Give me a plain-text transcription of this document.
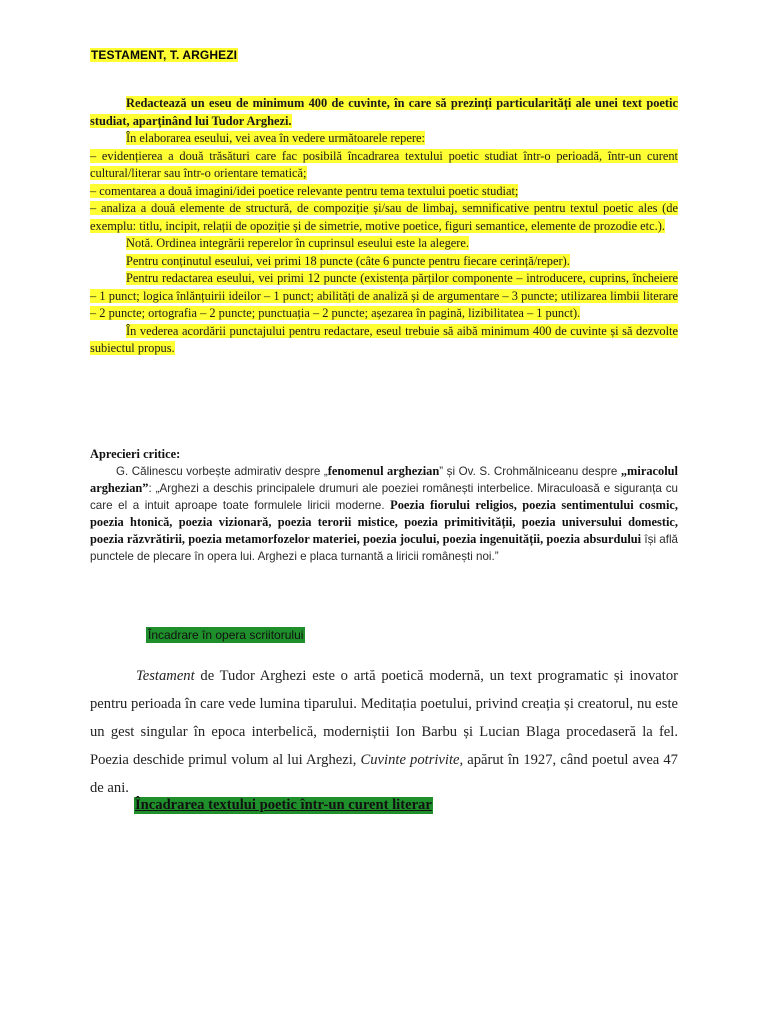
TESTAMENT, T. ARGHEZI

Redactează un eseu de minimum 400 de cuvinte, în care să prezinți particularități ale unei text poetic studiat, aparținând lui Tudor Arghezi.

În elaborarea eseului, vei avea în vedere următoarele repere:

– evidențierea a două trăsături care fac posibilă încadrarea textului poetic studiat într-o perioadă, într-un curent cultural/literar sau într-o orientare tematică;

– comentarea a două imagini/idei poetice relevante pentru tema textului poetic studiat;

– analiza a două elemente de structură, de compoziție și/sau de limbaj, semnificative pentru textul poetic ales (de exemplu: titlu, incipit, relații de opoziție și de simetrie, motive poetice, figuri semantice, elemente de prozodie etc.).

Notă. Ordinea integrării reperelor în cuprinsul eseului este la alegere.

Pentru conținutul eseului, vei primi 18 puncte (câte 6 puncte pentru fiecare cerință/reper).

Pentru redactarea eseului, vei primi 12 puncte (existența părților componente – introducere, cuprins, încheiere – 1 punct; logica înlănțuirii ideilor – 1 punct; abilități de analiză și de argumentare – 3 puncte; utilizarea limbii literare – 2 puncte; ortografia – 2 puncte; punctuația – 2 puncte; așezarea în pagină, lizibilitatea – 1 punct).

În vederea acordării punctajului pentru redactare, eseul trebuie să aibă minimum 400 de cuvinte și să dezvolte subiectul propus.

Aprecieri critice:

G. Călinescu vorbește admirativ despre „fenomenul arghezian” și Ov. S. Crohmălniceanu despre „miracolul arghezian”: „Arghezi a deschis principalele drumuri ale poeziei românești interbelice. Miraculoasă e siguranța cu care el a intuit aproape toate formulele liricii moderne. Poezia fiorului religios, poezia sentimentului cosmic, poezia htonică, poezia vizionară, poezia terorii mistice, poezia primitivității, poezia universului domestic, poezia răzvrătirii, poezia metamorfozelor materiei, poezia jocului, poezia ingenuității, poezia absurdului își află punctele de plecare în opera lui. Arghezi e placa turnantă a liricii românești noi.”

Încadrare în opera scriitorului

Testament de Tudor Arghezi este o artă poetică modernă, un text programatic și inovator pentru perioada în care vede lumina tiparului. Meditația poetului, privind creația și creatorul, nu este un gest singular în epoca interbelică, moderniștii Ion Barbu și Lucian Blaga procedaseră la fel. Poezia deschide primul volum al lui Arghezi, Cuvinte potrivite, apărut în 1927, când poetul avea 47 de ani.

Încadrarea textului poetic într-un curent literar
